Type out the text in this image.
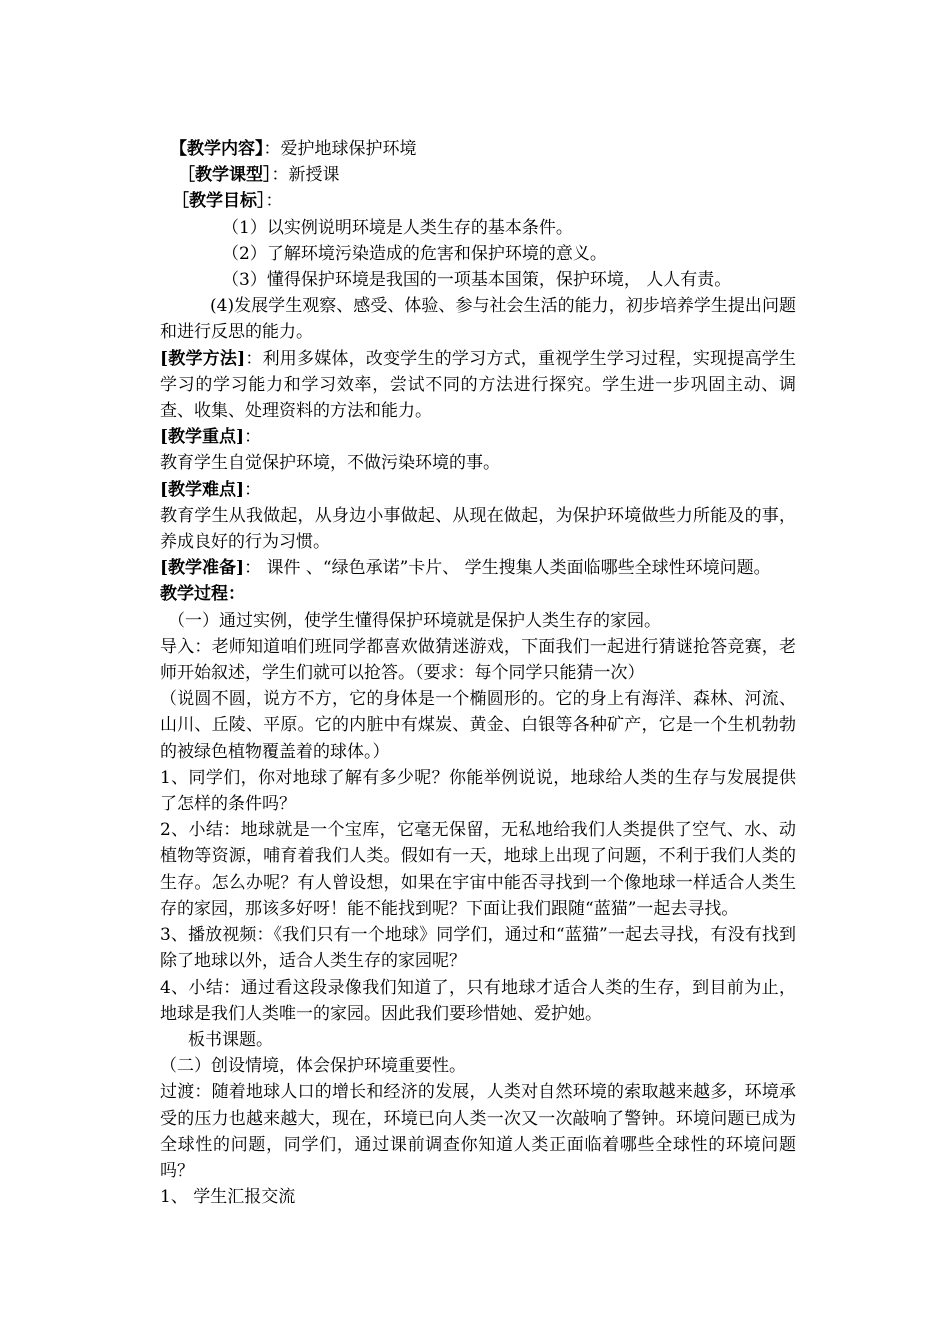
【教学内容】：爱护地球保护环境

［教学课型］：新授课

［教学目标］：

（1）以实例说明环境是人类生存的基本条件。

（2）了解环境污染造成的危害和保护环境的意义。

（3）懂得保护环境是我国的一项基本国策，保护环境， 人人有责。

(4)发展学生观察、感受、体验、参与社会生活的能力，初步培养学生提出问题和进行反思的能力。

[教学方法]：利用多媒体，改变学生的学习方式，重视学生学习过程，实现提高学生学习的学习能力和学习效率，尝试不同的方法进行探究。学生进一步巩固主动、调查、收集、处理资料的方法和能力。

[教学重点]：

教育学生自觉保护环境，不做污染环境的事。

[教学难点]：

教育学生从我做起，从身边小事做起、从现在做起，为保护环境做些力所能及的事，养成良好的行为习惯。

[教学准备]： 课件 、“绿色承诺”卡片、 学生搜集人类面临哪些全球性环境问题。

教学过程：

（一）通过实例，使学生懂得保护环境就是保护人类生存的家园。

导入：老师知道咱们班同学都喜欢做猜迷游戏，下面我们一起进行猜谜抢答竞赛，老师开始叙述，学生们就可以抢答。（要求：每个同学只能猜一次）

（说圆不圆，说方不方，它的身体是一个椭圆形的。它的身上有海洋、森林、河流、山川、丘陵、平原。它的内脏中有煤炭、黄金、白银等各种矿产，它是一个生机勃勃的被绿色植物覆盖着的球体。）

1、同学们，你对地球了解有多少呢？你能举例说说，地球给人类的生存与发展提供了怎样的条件吗？

2、小结：地球就是一个宝库，它毫无保留，无私地给我们人类提供了空气、水、动植物等资源，哺育着我们人类。假如有一天，地球上出现了问题，不利于我们人类的生存。怎么办呢？有人曾设想，如果在宇宙中能否寻找到一个像地球一样适合人类生存的家园，那该多好呀！能不能找到呢？下面让我们跟随“蓝猫”一起去寻找。

3、播放视频：《我们只有一个地球》同学们，通过和“蓝猫”一起去寻找，有没有找到除了地球以外，适合人类生存的家园呢？

4、小结：通过看这段录像我们知道了，只有地球才适合人类的生存，到目前为止，地球是我们人类唯一的家园。因此我们要珍惜她、爱护她。

板书课题。

（二）创设情境，体会保护环境重要性。

过渡：随着地球人口的增长和经济的发展，人类对自然环境的索取越来越多，环境承受的压力也越来越大，现在，环境已向人类一次又一次敲响了警钟。环境问题已成为全球性的问题，同学们，通过课前调查你知道人类正面临着哪些全球性的环境问题吗？

1、 学生汇报交流
